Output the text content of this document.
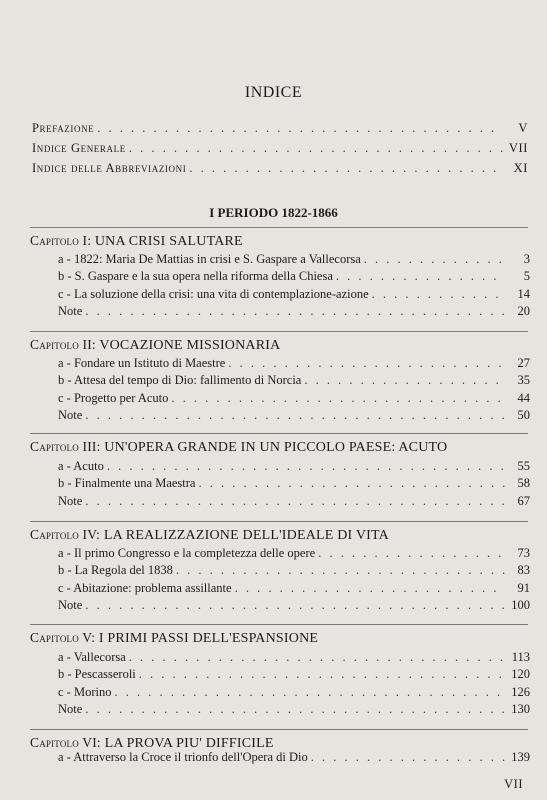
INDICE
Prefazione . . .	V
Indice Generale . . .	VII
Indice delle Abbreviazioni . . .	XI
I PERIODO 1822-1866
Capitolo I: UNA CRISI SALUTARE
a - 1822: Maria De Mattias in crisi e S. Gaspare a Vallecorsa . . .	3
b - S. Gaspare e la sua opera nella riforma della Chiesa . . .	5
c - La soluzione della crisi: una vita di contemplazione-azione . . .	14
Note . . .	20
Capitolo II: VOCAZIONE MISSIONARIA
a - Fondare un Istituto di Maestre . . .	27
b - Attesa del tempo di Dio: fallimento di Norcia . . .	35
c - Progetto per Acuto . . .	44
Note . . .	50
Capitolo III: UN'OPERA GRANDE IN UN PICCOLO PAESE: ACUTO
a - Acuto . . .	55
b - Finalmente una Maestra . . .	58
Note . . .	67
Capitolo IV: LA REALIZZAZIONE DELL'IDEALE DI VITA
a - Il primo Congresso e la completezza delle opere . . .	73
b - La Regola del 1838 . . .	83
c - Abitazione: problema assillante . . .	91
Note . . .	100
Capitolo V: I PRIMI PASSI DELL'ESPANSIONE
a - Vallecorsa . . .	113
b - Pescasseroli . . .	120
c - Morino . . .	126
Note . . .	130
Capitolo VI: LA PROVA PIU' DIFFICILE
a - Attraverso la Croce il trionfo dell'Opera di Dio . . .	139
VII
